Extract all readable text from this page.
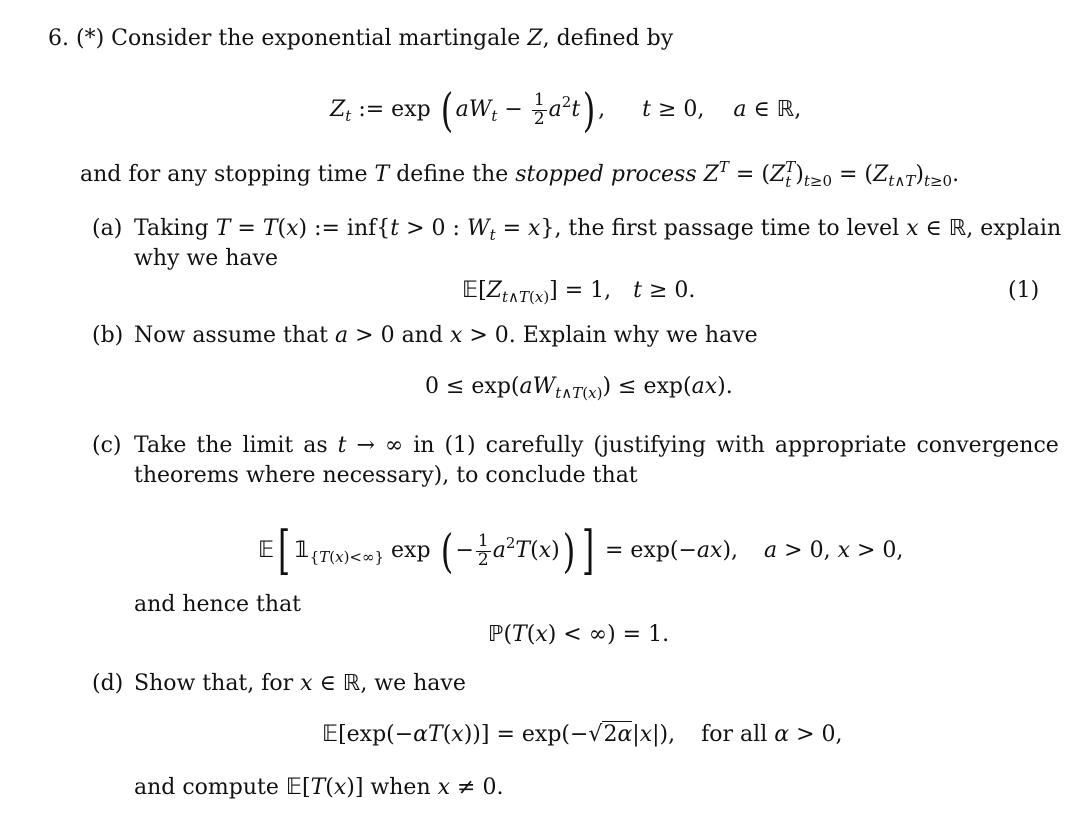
6. (*) Consider the exponential martingale Z, defined by
$Z_t$ := exp ( $aW_t - \frac{1}{2} a^2t$) , t ≥ 0, a ∈ ℝ,
and for any stopping time T define the stopped process $Z^T = (Z$ T
t )$_{t\ge 0} = (Z_{t\wedge T})_{t\ge 0}$.
(a) Taking T = T(x) := inf{t > 0 : $W_t = x$}, the first passage time to level x ∈ ℝ, explain
why we have
$𝔼[Z_{t\wedge T(x)}] = 1$, t ≥ 0.	(1)
(b) Now assume that a > 0 and x > 0. Explain why we have
$0 \le \exp(aW_{t\wedge T(x)}) \le \exp(ax)$.
(c) Take the limit as t → ∞ in (1) carefully (justifying with appropriate convergence
theorems where necessary), to conclude that
𝔼[ $𝟙_{\{T(x)<\infty\}}$ exp ( − $\frac{1}{2} a^2T(x)$) ] = exp(−ax), a > 0, x > 0,
and hence that
ℙ(T(x) < ∞) = 1.
(d) Show that, for x ∈ ℝ, we have
𝔼[exp(−αT(x))] = exp(−√2α|x|), for all α > 0,
and compute 𝔼[T(x)] when x ≠ 0.
